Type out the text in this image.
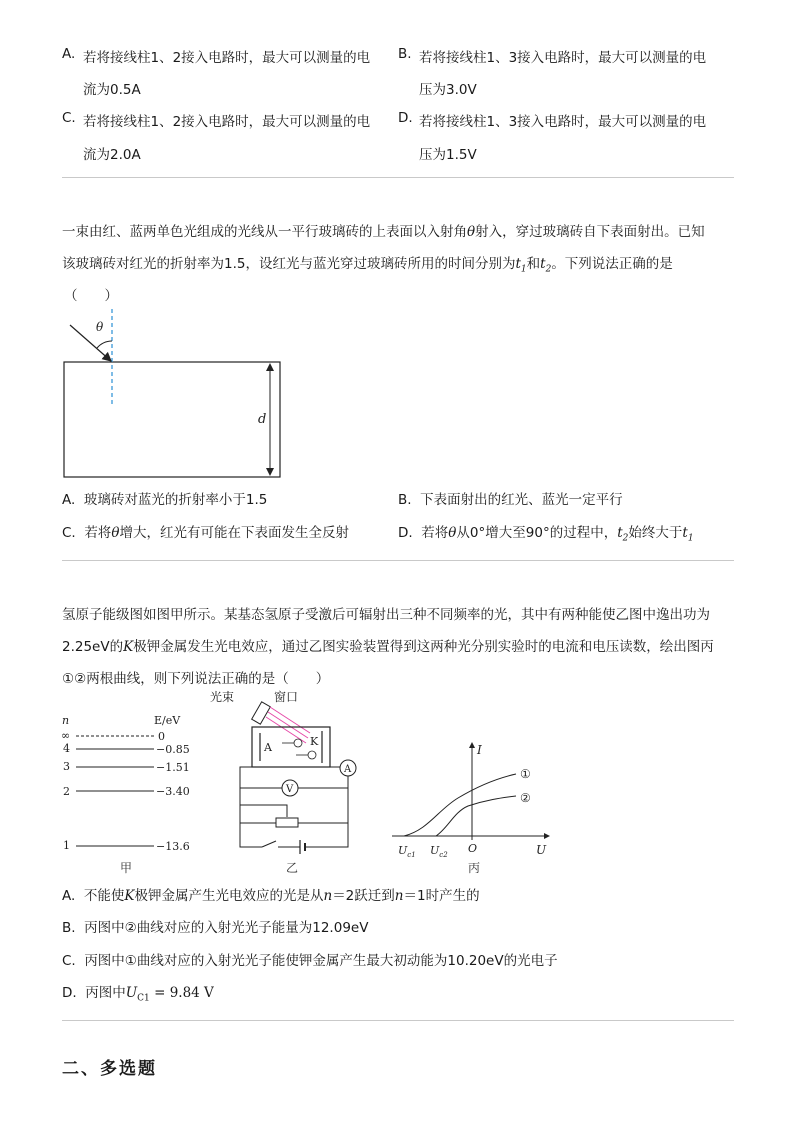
A. 若将接线柱1、2接入电路时，最大可以测量的电
流为0.5A
B. 若将接线柱1、3接入电路时，最大可以测量的电
压为3.0V
C. 若将接线柱1、2接入电路时，最大可以测量的电
流为2.0A
D. 若将接线柱1、3接入电路时，最大可以测量的电
压为1.5V
一束由红、蓝两单色光组成的光线从一平行玻璃砖的上表面以入射角θ射入，穿过玻璃砖自下表面射出。已知
该玻璃砖对红光的折射率为1.5，设红光与蓝光穿过玻璃砖所用的时间分别为$t_1$和$t_2$。下列说法正确的是
（　　）
θ
d
A. 玻璃砖对蓝光的折射率小于1.5	B. 下表面射出的红光、蓝光一定平行
C. 若将θ增大，红光有可能在下表面发生全反射	D. 若将θ从0°增大至90°的过程中，$t_2$始终大于$t_1$
氢原子能级图如图甲所示。某基态氢原子受激后可辐射出三种不同频率的光，其中有两种能使乙图中逸出功为
2.25eV的K极钾金属发生光电效应，通过乙图实验装置得到这两种光分别实验时的电流和电压读数，绘出图丙
①②两根曲线，则下列说法正确的是（　　）
n	E/eV
∞	0
4	−0.85
3	−1.51
2	−3.40
1	−13.6
甲
光束	窗口
A	K
A
V
乙
I
U
O
$U_{c1}$ $U_{c2}$
①
②
丙
A. 不能使K极钾金属产生光电效应的光是从n＝2跃迁到n＝1时产生的
B. 丙图中②曲线对应的入射光光子能量为12.09eV
C. 丙图中①曲线对应的入射光光子能使钾金属产生最大初动能为10.20eV的光电子
D. 丙图中$U_{C1} = 9.84$ V
二、多选题
